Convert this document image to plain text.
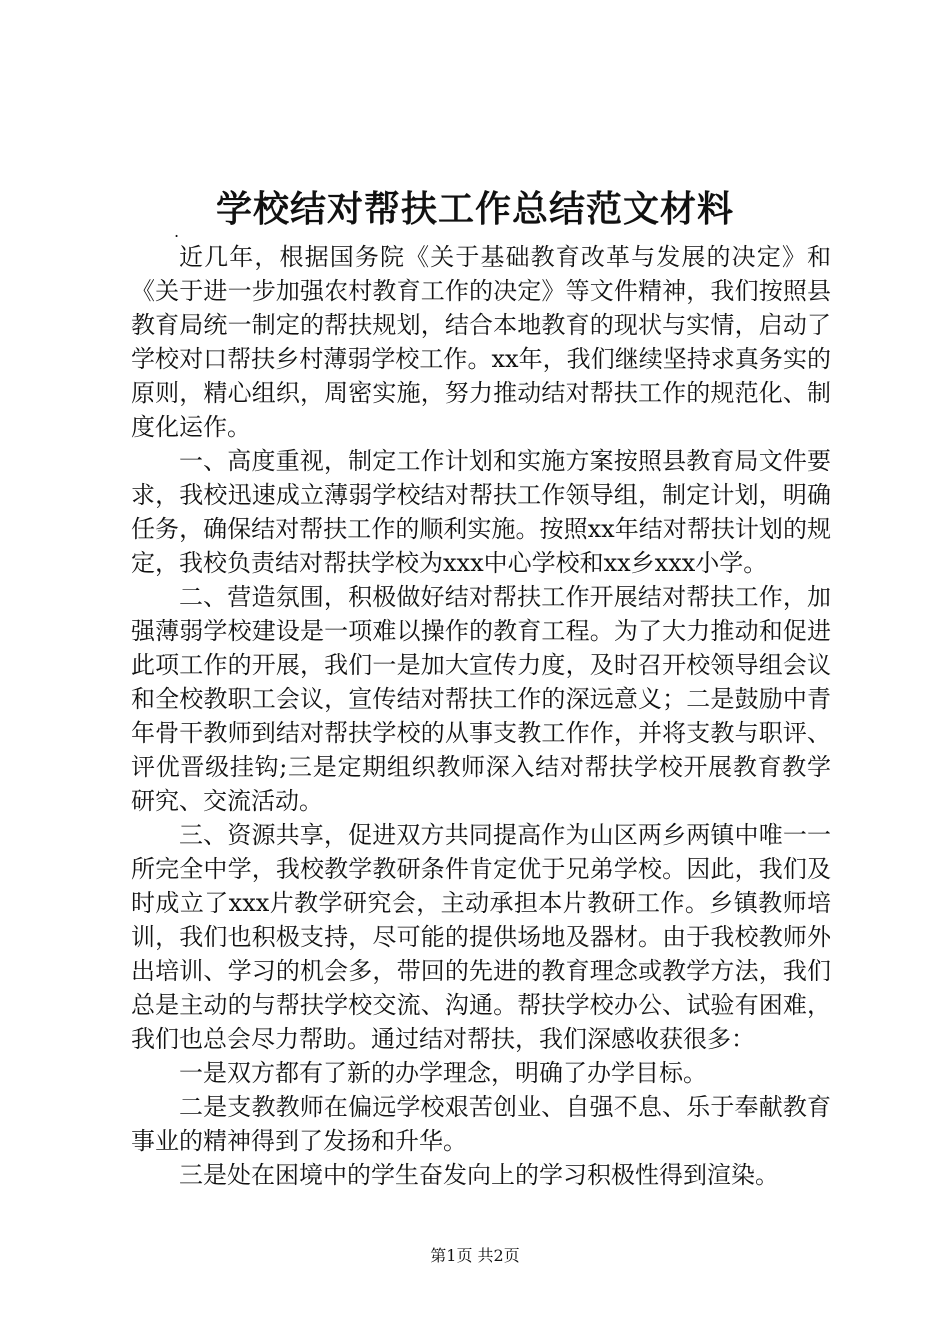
学校结对帮扶工作总结范文材料
.

近几年，根据国务院《关于基础教育改革与发展的决定》和《关于进一步加强农村教育工作的决定》等文件精神，我们按照县教育局统一制定的帮扶规划，结合本地教育的现状与实情，启动了学校对口帮扶乡村薄弱学校工作。xx年，我们继续坚持求真务实的原则，精心组织，周密实施，努力推动结对帮扶工作的规范化、制度化运作。

一、高度重视，制定工作计划和实施方案按照县教育局文件要求，我校迅速成立薄弱学校结对帮扶工作领导组，制定计划，明确任务，确保结对帮扶工作的顺利实施。按照xx年结对帮扶计划的规定，我校负责结对帮扶学校为xxx中心学校和xx乡xxx小学。

二、营造氛围，积极做好结对帮扶工作开展结对帮扶工作，加强薄弱学校建设是一项难以操作的教育工程。为了大力推动和促进此项工作的开展，我们一是加大宣传力度，及时召开校领导组会议和全校教职工会议，宣传结对帮扶工作的深远意义；二是鼓励中青年骨干教师到结对帮扶学校的从事支教工作作，并将支教与职评、评优晋级挂钩;三是定期组织教师深入结对帮扶学校开展教育教学研究、交流活动。

三、资源共享，促进双方共同提高作为山区两乡两镇中唯一一所完全中学，我校教学教研条件肯定优于兄弟学校。因此，我们及时成立了xxx片教学研究会，主动承担本片教研工作。乡镇教师培训，我们也积极支持，尽可能的提供场地及器材。由于我校教师外出培训、学习的机会多，带回的先进的教育理念或教学方法，我们总是主动的与帮扶学校交流、沟通。帮扶学校办公、试验有困难，我们也总会尽力帮助。通过结对帮扶，我们深感收获很多：

一是双方都有了新的办学理念，明确了办学目标。

二是支教教师在偏远学校艰苦创业、自强不息、乐于奉献教育事业的精神得到了发扬和升华。

三是处在困境中的学生奋发向上的学习积极性得到渲染。

第1页 共2页
